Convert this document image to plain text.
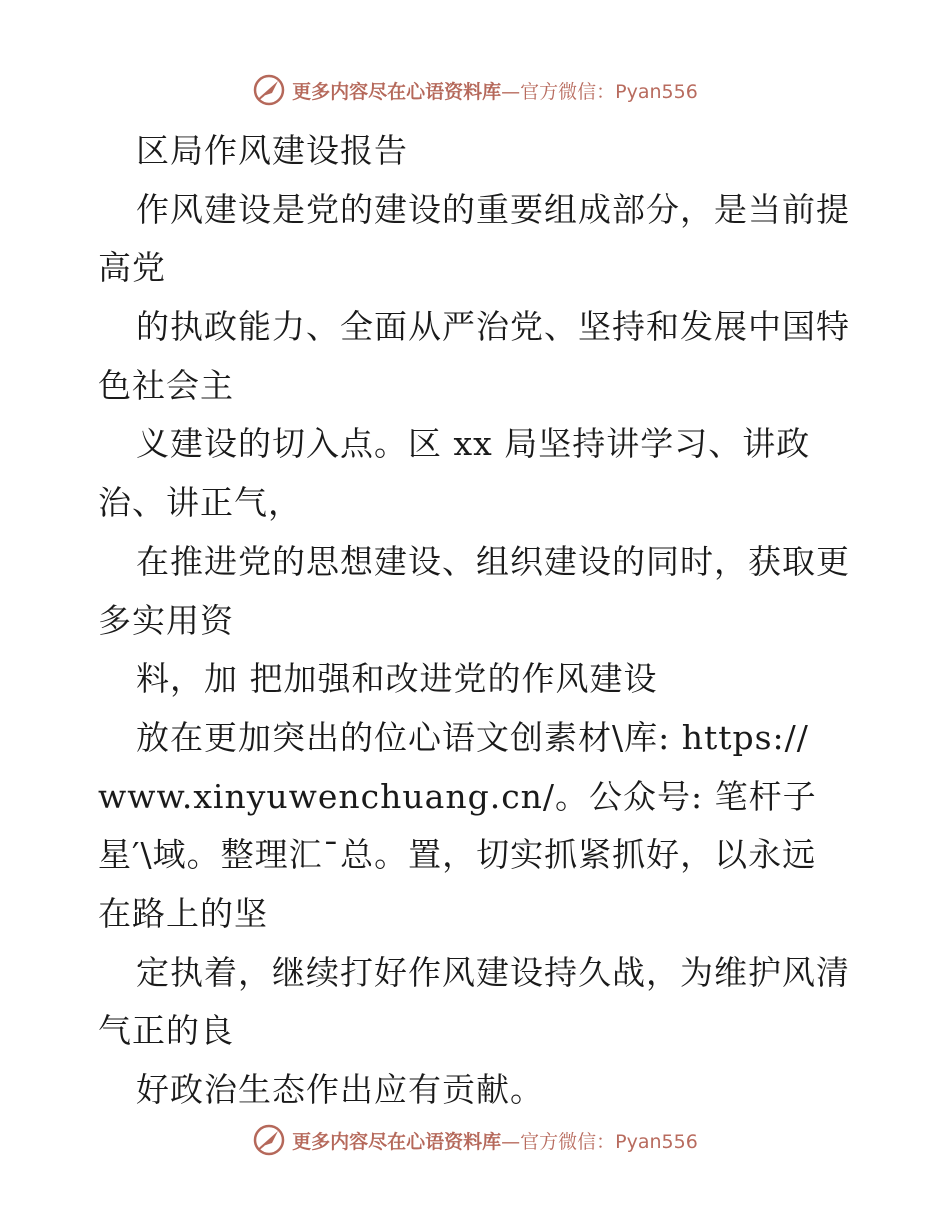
更多内容尽在心语资料库 —官方微信：Pyan556
区局作风建设报告
作风建设是党的建设的重要组成部分，是当前提
高党
的执政能力、全面从严治党、坚持和发展中国特
色社会主
义建设的切入点。区 xx 局坚持讲学习、讲政
治、讲正气，
在推进党的思想建设、组织建设的同时，获取更
多实用资
料，加 把加强和改进党的作风建设
放在更加突出的位心语文创素材\库: https://
www.xinyuwenchuang.cn/。公众号: 笔杆子
星′\域。整理汇¯总。置，切实抓紧抓好，以永远
在路上的坚
定执着，继续打好作风建设持久战，为维护风清
气正的良
好政治生态作出应有贡献。
更多内容尽在心语资料库 —官方微信：Pyan556
